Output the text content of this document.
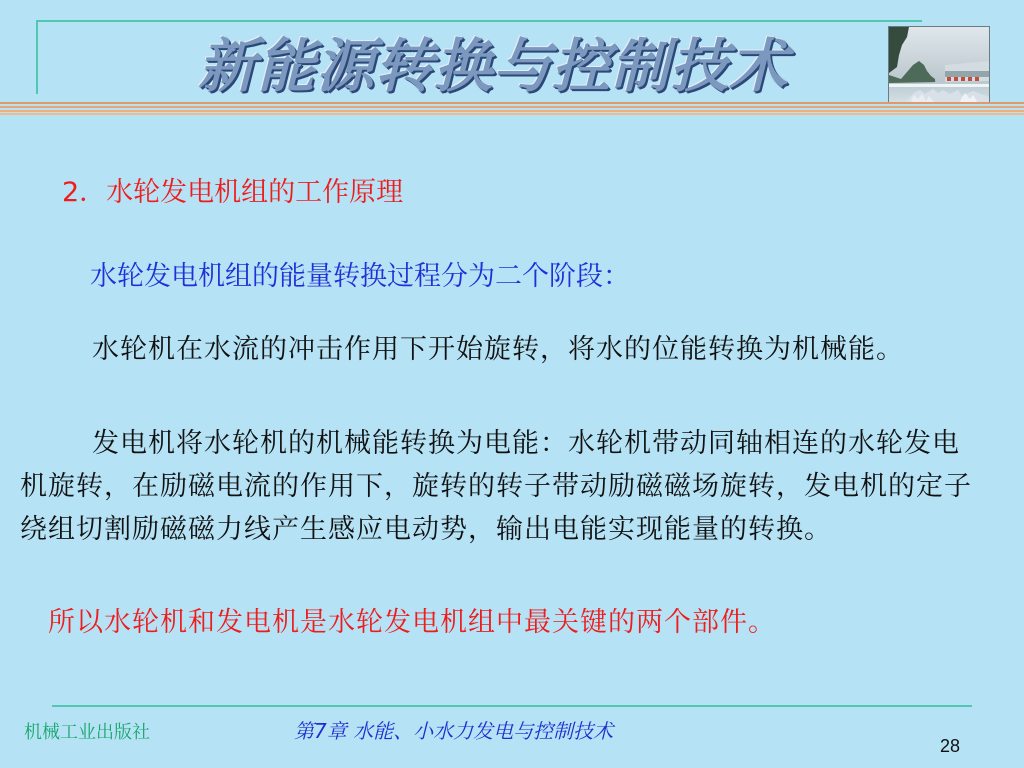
新能源转换与控制技术
2．水轮发电机组的工作原理
水轮发电机组的能量转换过程分为二个阶段：
水轮机在水流的冲击作用下开始旋转，将水的位能转换为机械能。
发电机将水轮机的机械能转换为电能：水轮机带动同轴相连的水轮发电机旋转，在励磁电流的作用下，旋转的转子带动励磁磁场旋转，发电机的定子绕组切割励磁磁力线产生感应电动势，输出电能实现能量的转换。
所以水轮机和发电机是水轮发电机组中最关键的两个部件。
机械工业出版社	第7章 水能、小水力发电与控制技术
28
